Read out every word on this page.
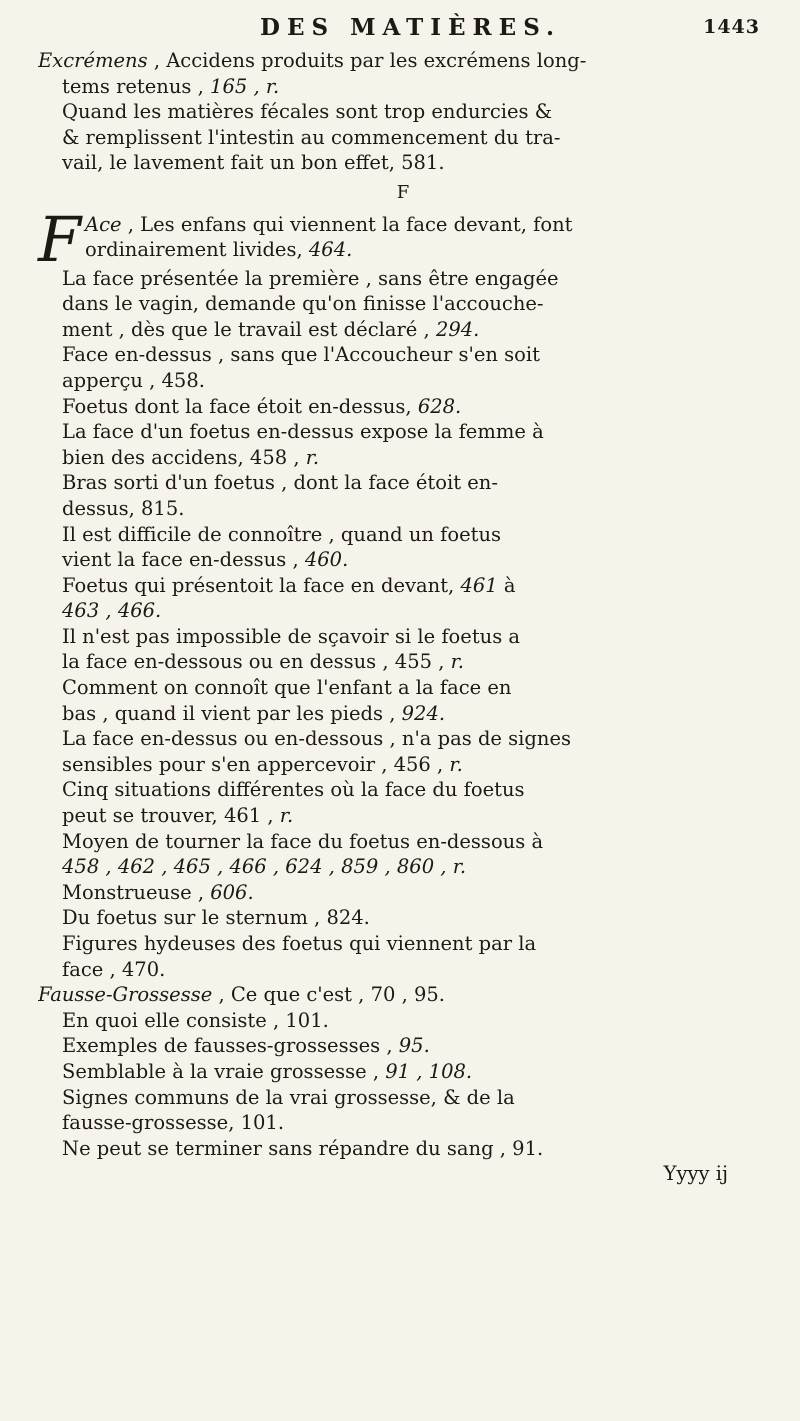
DES MATIÈRES.	1443
Excrémens , Accidens produits par les excrémens long-
tems retenus , 165 , r.
Quand les matières fécales sont trop endurcies &
& remplissent l'intestin au commencement du tra-
vail, le lavement fait un bon effet, 581.
F
F Ace , Les enfans qui viennent la face devant, font
ordinairement livides, 464.
La face présentée la première , sans être engagée
dans le vagin, demande qu'on finisse l'accouche-
ment , dès que le travail est déclaré , 294.
Face en-dessus , sans que l'Accoucheur s'en soit
apperçu , 458.
Foetus dont la face étoit en-dessus, 628.
La face d'un foetus en-dessus expose la femme à
bien des accidens, 458 , r.
Bras sorti d'un foetus , dont la face étoit en-
dessus, 815.
Il est difficile de connoître , quand un foetus
vient la face en-dessus , 460.
Foetus qui présentoit la face en devant, 461 à
463 , 466.
Il n'est pas impossible de sçavoir si le foetus a
la face en-dessous ou en dessus , 455 , r.
Comment on connoît que l'enfant a la face en
bas , quand il vient par les pieds , 924.
La face en-dessus ou en-dessous , n'a pas de signes
sensibles pour s'en appercevoir , 456 , r.
Cinq situations différentes où la face du foetus
peut se trouver, 461 , r.
Moyen de tourner la face du foetus en-dessous à
458 , 462 , 465 , 466 , 624 , 859 , 860 , r.
Monstrueuse , 606.
Du foetus sur le sternum , 824.
Figures hydeuses des foetus qui viennent par la
face , 470.
Fausse-Grossesse , Ce que c'est , 70 , 95.
En quoi elle consiste , 101.
Exemples de fausses-grossesses , 95.
Semblable à la vraie grossesse , 91 , 108.
Signes communs de la vrai grossesse, & de la
fausse-grossesse, 101.
Ne peut se terminer sans répandre du sang , 91.
Yyyy ij
